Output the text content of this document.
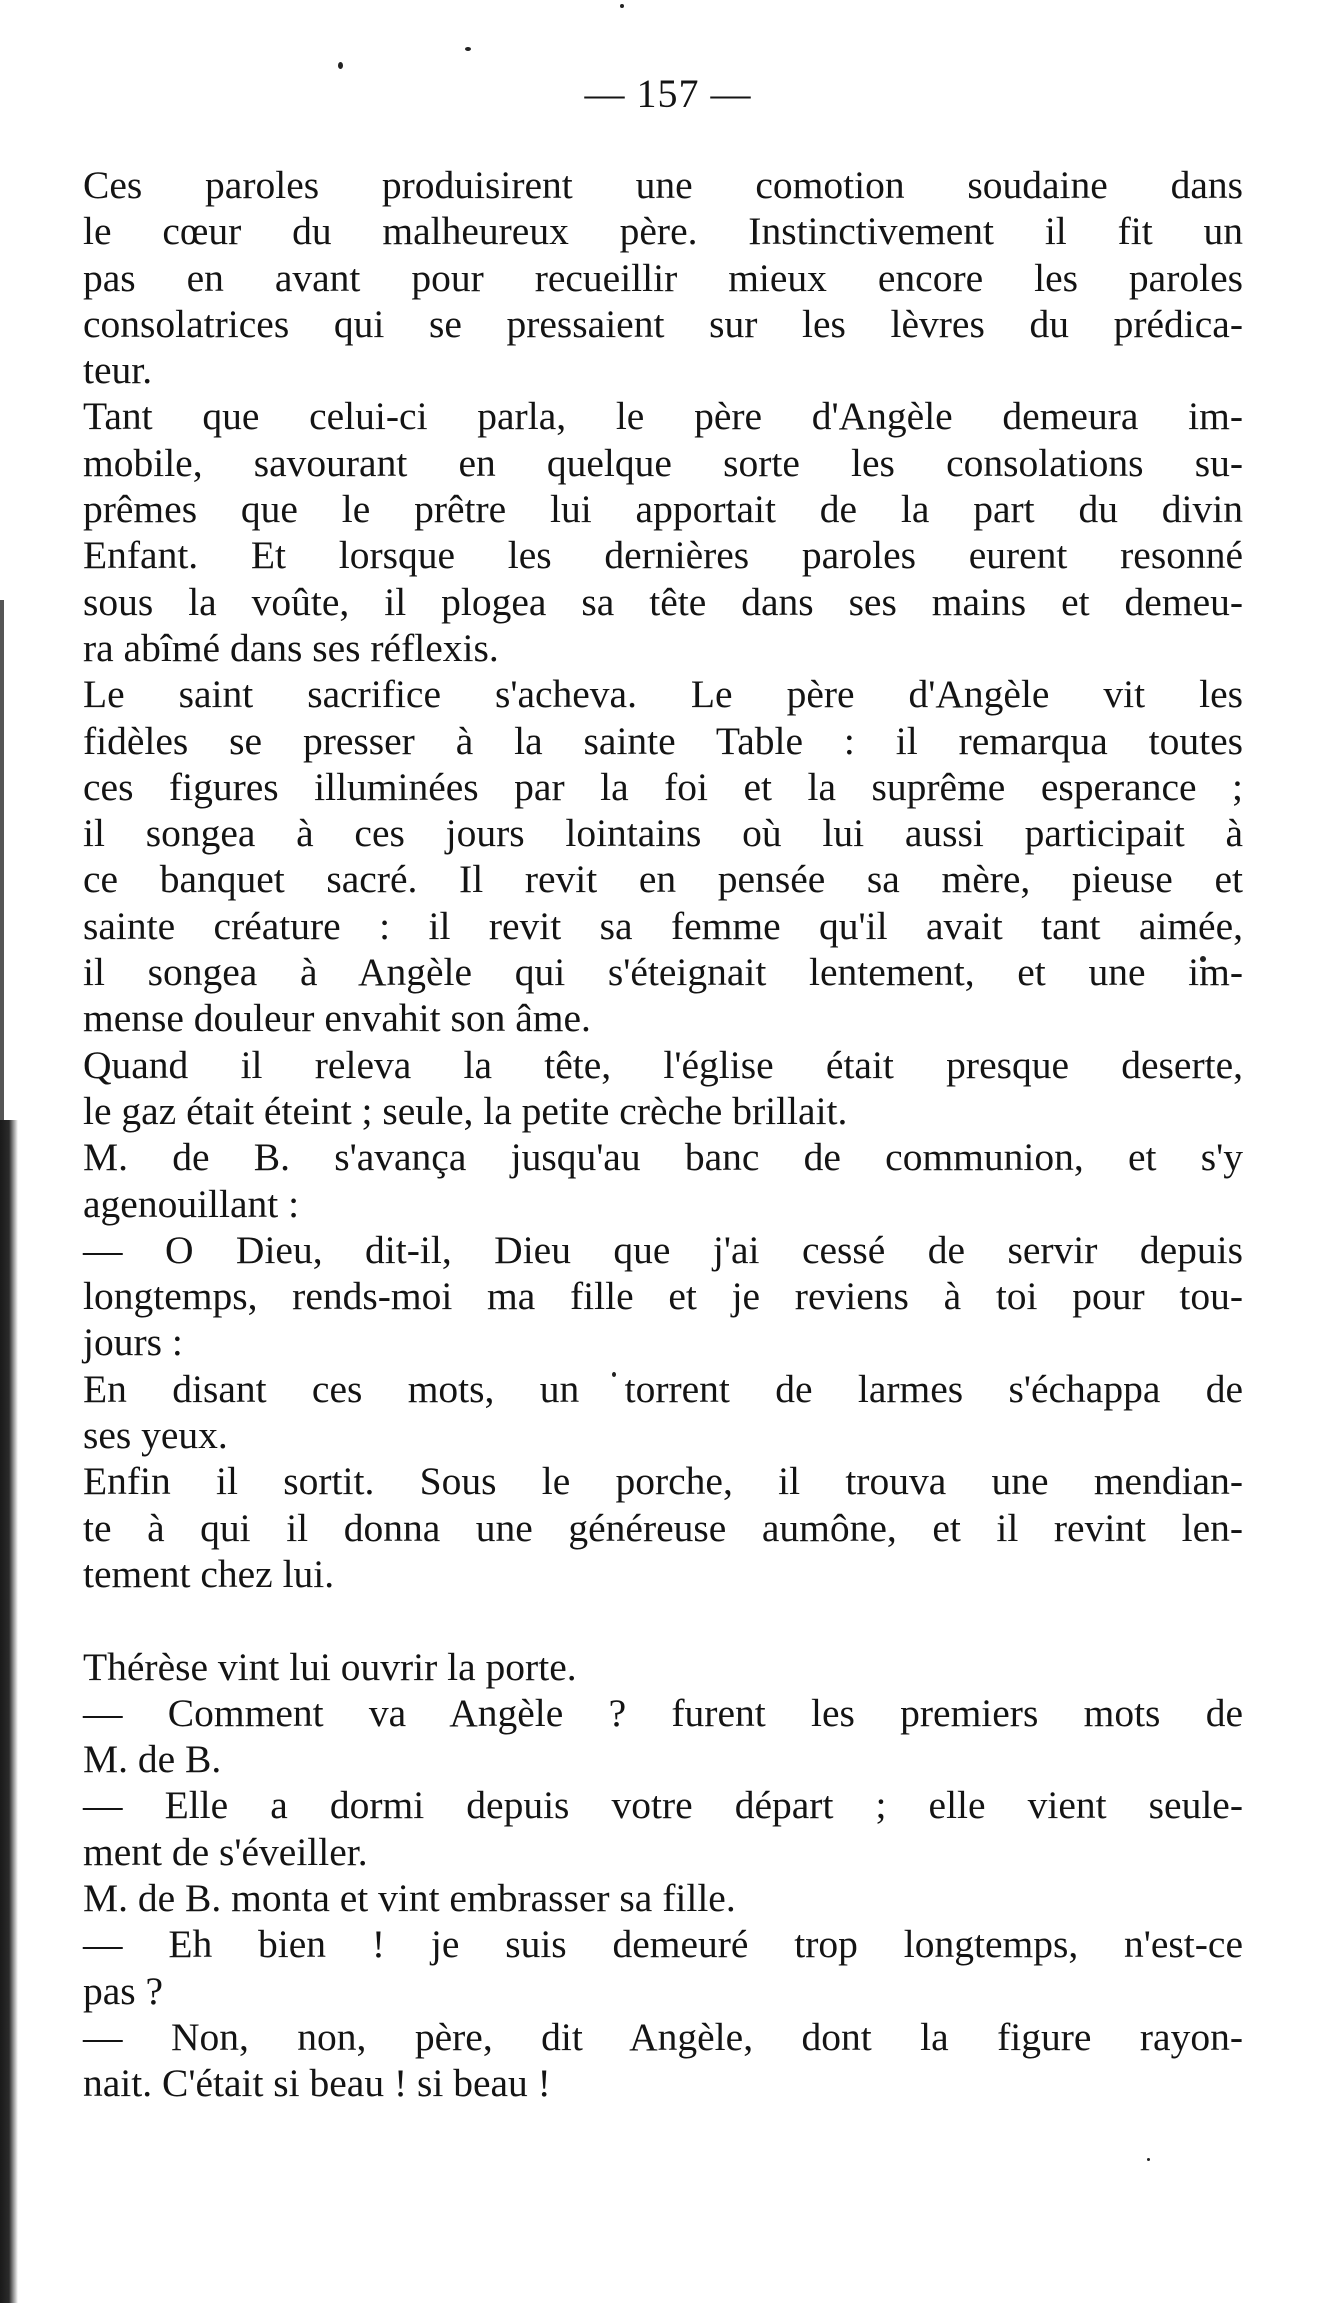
— 157 —
Ces paroles produisirent une comotion soudaine dans
le cœur du malheureux père. Instinctivement il fit un
pas en avant pour recueillir mieux encore les paroles
consolatrices qui se pressaient sur les lèvres du prédica-
teur.
Tant que celui-ci parla, le père d'Angèle demeura im-
mobile, savourant en quelque sorte les consolations su-
prêmes que le prêtre lui apportait de la part du divin
Enfant. Et lorsque les dernières paroles eurent resonné
sous la voûte, il plogea sa tête dans ses mains et demeu-
ra abîmé dans ses réflexis.
Le saint sacrifice s'acheva. Le père d'Angèle vit les
fidèles se presser à la sainte Table : il remarqua toutes
ces figures illuminées par la foi et la suprême esperance ;
il songea à ces jours lointains où lui aussi participait à
ce banquet sacré. Il revit en pensée sa mère, pieuse et
sainte créature : il revit sa femme qu'il avait tant aimée,
il songea à Angèle qui s'éteignait lentement, et une im-
mense douleur envahit son âme.
Quand il releva la tête, l'église était presque deserte,
le gaz était éteint ; seule, la petite crèche brillait.
M. de B. s'avança jusqu'au banc de communion, et s'y
agenouillant :
— O Dieu, dit-il, Dieu que j'ai cessé de servir depuis
longtemps, rends-moi ma fille et je reviens à toi pour tou-
jours :
En disant ces mots, un torrent de larmes s'échappa de
ses yeux.
Enfin il sortit. Sous le porche, il trouva une mendian-
te à qui il donna une généreuse aumône, et il revint len-
tement chez lui.
Thérèse vint lui ouvrir la porte.
— Comment va Angèle ? furent les premiers mots de
M. de B.
— Elle a dormi depuis votre départ ; elle vient seule-
ment de s'éveiller.
M. de B. monta et vint embrasser sa fille.
— Eh bien ! je suis demeuré trop longtemps, n'est-ce
pas ?
— Non, non, père, dit Angèle, dont la figure rayon-
nait. C'était si beau ! si beau !
